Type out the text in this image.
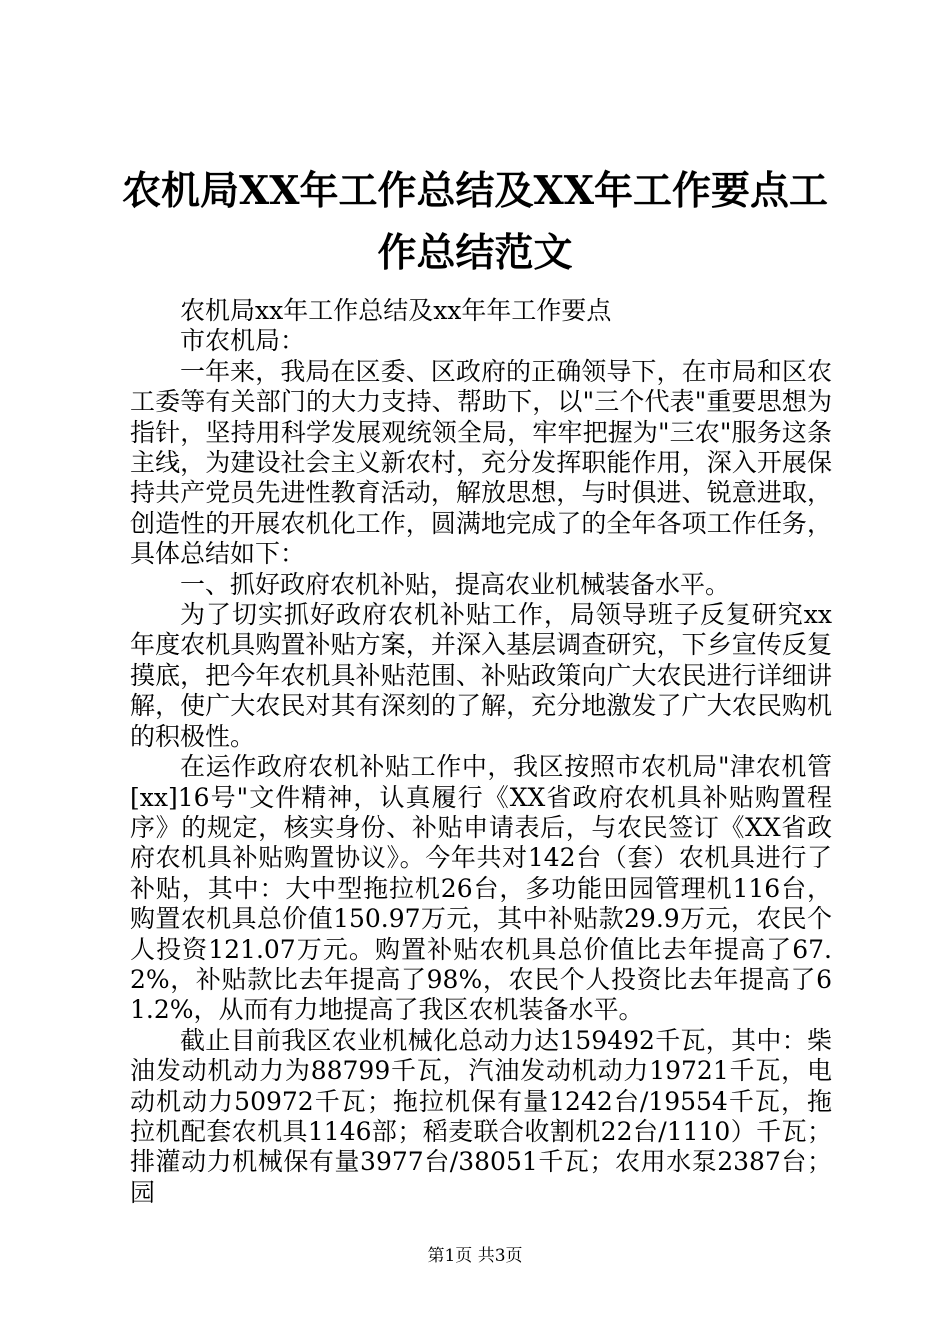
农机局XX年工作总结及XX年工作要点工作总结范文

农机局xx年工作总结及xx年年工作要点

市农机局：

一年来，我局在区委、区政府的正确领导下，在市局和区农工委等有关部门的大力支持、帮助下，以"三个代表"重要思想为指针，坚持用科学发展观统领全局，牢牢把握为"三农"服务这条主线，为建设社会主义新农村，充分发挥职能作用，深入开展保持共产党员先进性教育活动，解放思想，与时俱进、锐意进取，创造性的开展农机化工作，圆满地完成了的全年各项工作任务，具体总结如下：

一、抓好政府农机补贴，提高农业机械装备水平。

为了切实抓好政府农机补贴工作，局领导班子反复研究xx年度农机具购置补贴方案，并深入基层调查研究，下乡宣传反复摸底，把今年农机具补贴范围、补贴政策向广大农民进行详细讲解，使广大农民对其有深刻的了解，充分地激发了广大农民购机的积极性。

在运作政府农机补贴工作中，我区按照市农机局"津农机管[xx]16号"文件精神，认真履行《XX省政府农机具补贴购置程序》的规定，核实身份、补贴申请表后，与农民签订《XX省政府农机具补贴购置协议》。今年共对142台（套）农机具进行了补贴，其中：大中型拖拉机26台，多功能田园管理机116台，购置农机具总价值150.97万元，其中补贴款29.9万元，农民个人投资121.07万元。购置补贴农机具总价值比去年提高了67.2%，补贴款比去年提高了98%，农民个人投资比去年提高了61.2%，从而有力地提高了我区农机装备水平。

截止目前我区农业机械化总动力达159492千瓦，其中：柴油发动机动力为88799千瓦，汽油发动机动力19721千瓦，电动机动力50972千瓦；拖拉机保有量1242台/19554千瓦，拖拉机配套农机具1146部；稻麦联合收割机22台/1110）千瓦；排灌动力机械保有量3977台/38051千瓦；农用水泵2387台；园

第1页 共3页
